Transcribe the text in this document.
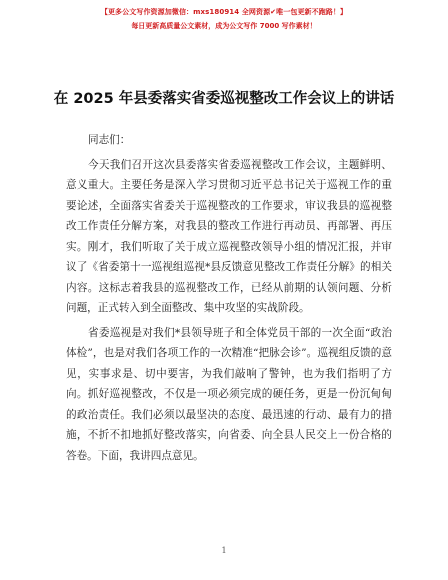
【更多公文写作资源加微信：mxs180914 全网资源✔唯一包更新不跑路！】
每日更新高质量公文素材，成为公文写作 7000 写作素材！
在 2025 年县委落实省委巡视整改工作会议上的讲话

同志们：

今天我们召开这次县委落实省委巡视整改工作会议，主题鲜明、意义重大。主要任务是深入学习贯彻习近平总书记关于巡视工作的重要论述，全面落实省委关于巡视整改的工作要求，审议我县的巡视整改工作责任分解方案，对我县的整改工作进行再动员、再部署、再压实。刚才，我们听取了关于成立巡视整改领导小组的情况汇报，并审议了《省委第十一巡视组巡视*县反馈意见整改工作责任分解》的相关内容。这标志着我县的巡视整改工作，已经从前期的认领问题、分析问题，正式转入到全面整改、集中攻坚的实战阶段。

省委巡视是对我们*县领导班子和全体党员干部的一次全面“政治体检”，也是对我们各项工作的一次精准“把脉会诊”。巡视组反馈的意见，实事求是、切中要害，为我们敲响了警钟，也为我们指明了方向。抓好巡视整改，不仅是一项必须完成的硬任务，更是一份沉甸甸的政治责任。我们必须以最坚决的态度、最迅速的行动、最有力的措施，不折不扣地抓好整改落实，向省委、向全县人民交上一份合格的答卷。下面，我讲四点意见。

1
